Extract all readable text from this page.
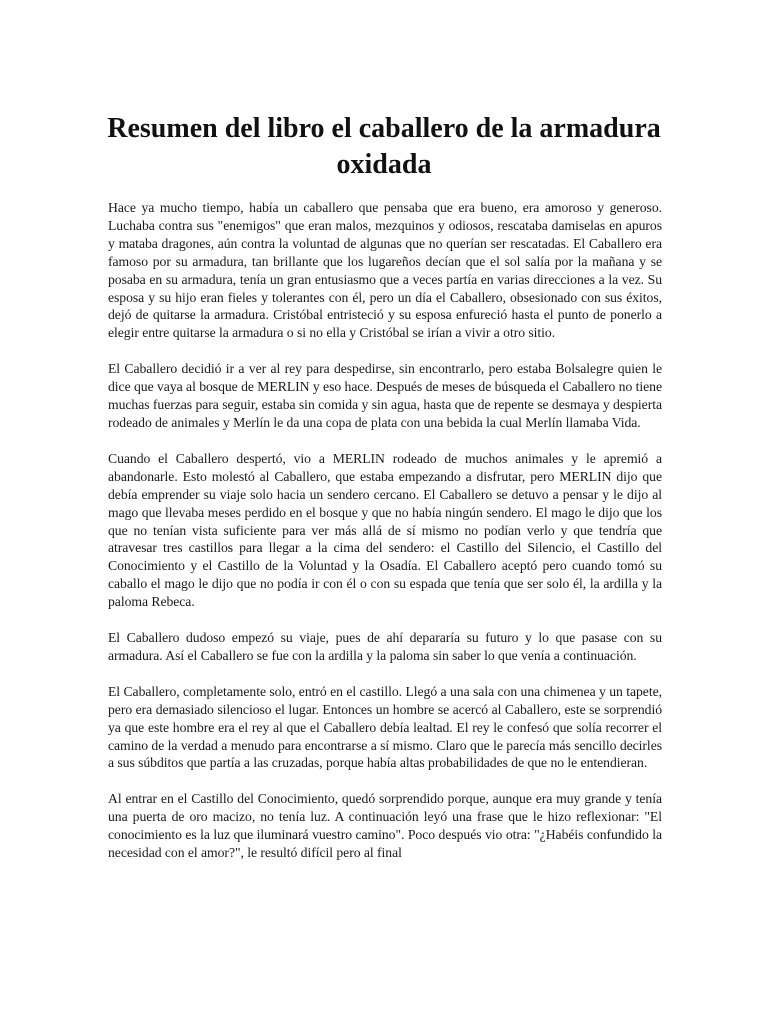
Resumen del libro el caballero de la armadura oxidada

Hace ya mucho tiempo, había un caballero que pensaba que era bueno, era amoroso y generoso. Luchaba contra sus "enemigos" que eran malos, mezquinos y odiosos, rescataba damiselas en apuros y mataba dragones, aún contra la voluntad de algunas que no querían ser rescatadas. El Caballero era famoso por su armadura, tan brillante que los lugareños decían que el sol salía por la mañana y se posaba en su armadura, tenía un gran entusiasmo que a veces partía en varias direcciones a la vez. Su esposa y su hijo eran fieles y tolerantes con él, pero un día el Caballero, obsesionado con sus éxitos, dejó de quitarse la armadura. Cristóbal entristeció y su esposa enfureció hasta el punto de ponerlo a elegir entre quitarse la armadura o si no ella y Cristóbal se irían a vivir a otro sitio.

El Caballero decidió ir a ver al rey para despedirse, sin encontrarlo, pero estaba Bolsalegre quien le dice que vaya al bosque de MERLIN y eso hace. Después de meses de búsqueda el Caballero no tiene muchas fuerzas para seguir, estaba sin comida y sin agua, hasta que de repente se desmaya y despierta rodeado de animales y Merlín le da una copa de plata con una bebida la cual Merlín llamaba Vida.

Cuando el Caballero despertó, vio a MERLIN rodeado de muchos animales y le apremió a abandonarle. Esto molestó al Caballero, que estaba empezando a disfrutar, pero MERLIN dijo que debía emprender su viaje solo hacia un sendero cercano. El Caballero se detuvo a pensar y le dijo al mago que llevaba meses perdido en el bosque y que no había ningún sendero. El mago le dijo que los que no tenían vista suficiente para ver más allá de sí mismo no podían verlo y que tendría que atravesar tres castillos para llegar a la cima del sendero: el Castillo del Silencio, el Castillo del Conocimiento y el Castillo de la Voluntad y la Osadía. El Caballero aceptó pero cuando tomó su caballo el mago le dijo que no podía ir con él o con su espada que tenía que ser solo él, la ardilla y la paloma Rebeca.

El Caballero dudoso empezó su viaje, pues de ahí depararía su futuro y lo que pasase con su armadura. Así el Caballero se fue con la ardilla y la paloma sin saber lo que venía a continuación.

El Caballero, completamente solo, entró en el castillo. Llegó a una sala con una chimenea y un tapete, pero era demasiado silencioso el lugar. Entonces un hombre se acercó al Caballero, este se sorprendió ya que este hombre era el rey al que el Caballero debía lealtad. El rey le confesó que solía recorrer el camino de la verdad a menudo para encontrarse a sí mismo. Claro que le parecía más sencillo decirles a sus súbditos que partía a las cruzadas, porque había altas probabilidades de que no le entendieran.

Al entrar en el Castillo del Conocimiento, quedó sorprendido porque, aunque era muy grande y tenía una puerta de oro macizo, no tenía luz. A continuación leyó una frase que le hizo reflexionar: "El conocimiento es la luz que iluminará vuestro camino". Poco después vio otra: "¿Habéis confundido la necesidad con el amor?", le resultó difícil pero al final
